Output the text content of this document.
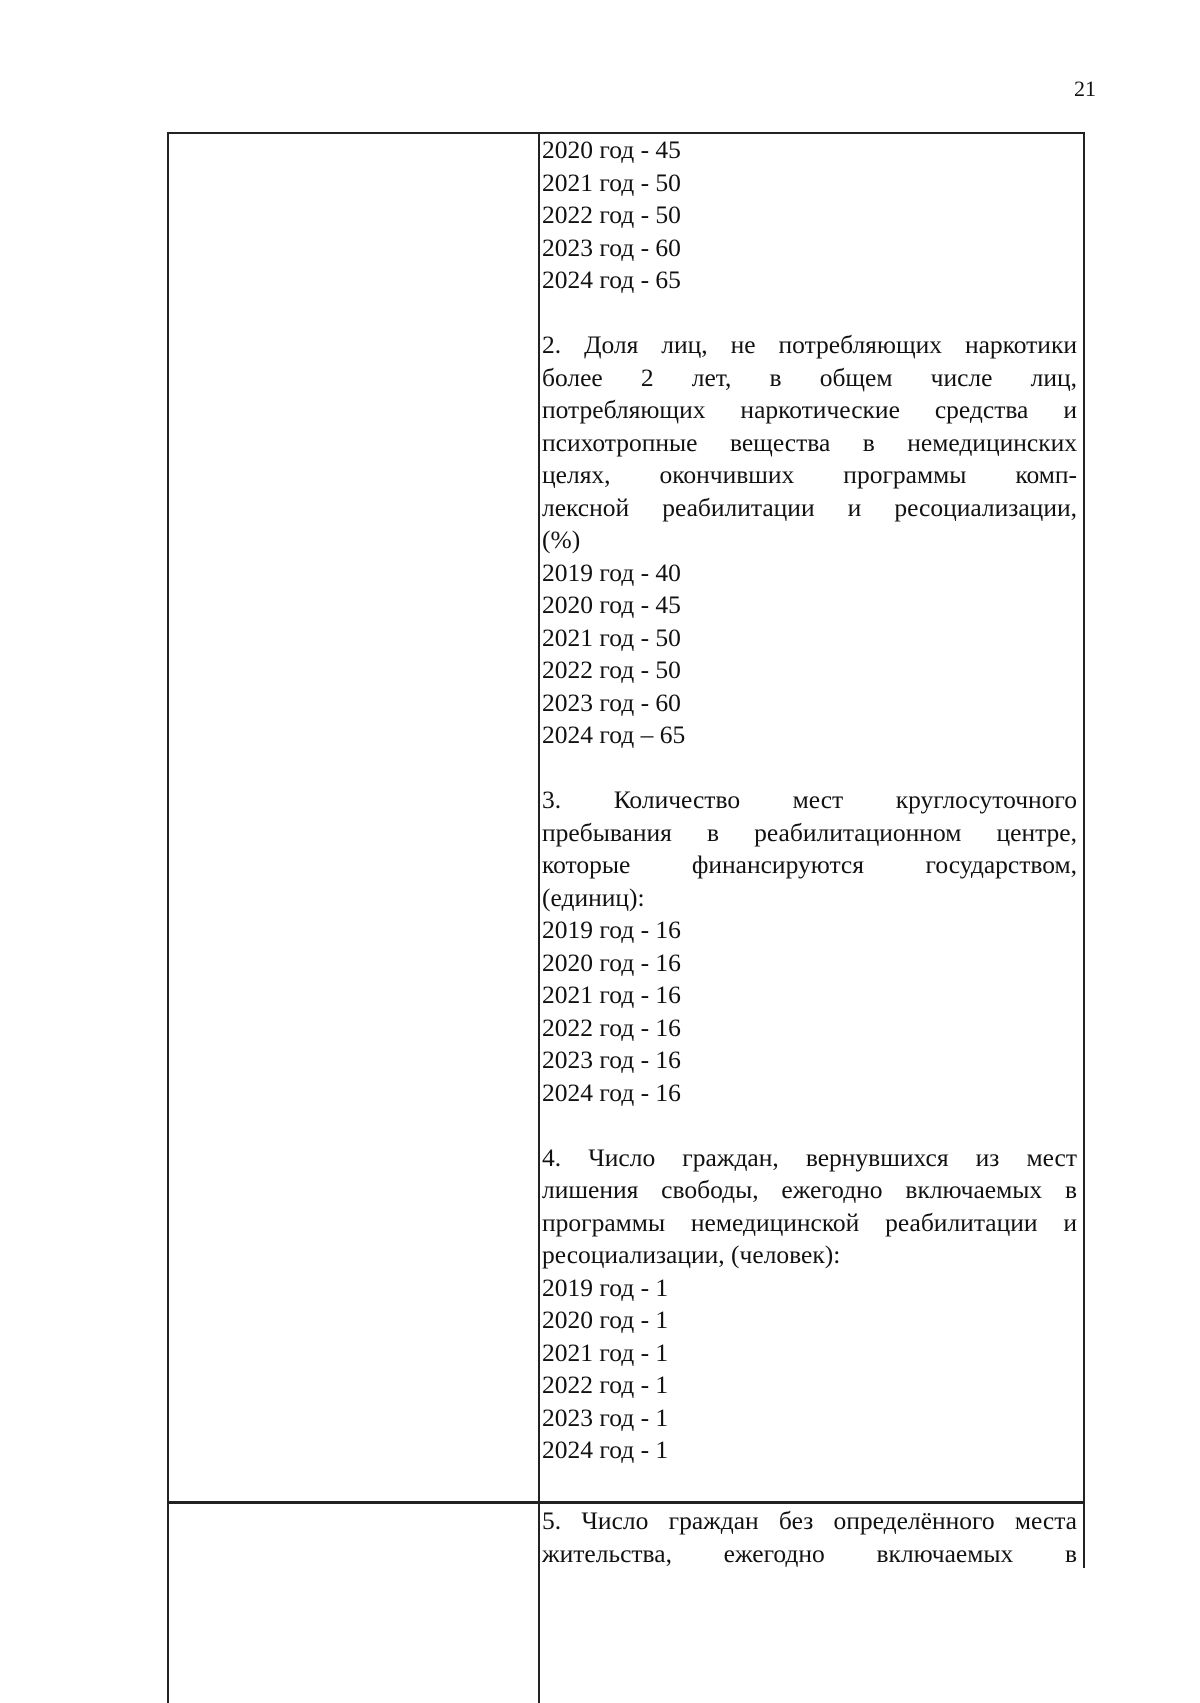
21
2020 год - 45
2021 год - 50
2022 год - 50
2023 год - 60
2024 год - 65
2. Доля лиц, не потребляющих наркотики
более 2 лет, в общем числе лиц,
потребляющих наркотические средства и
психотропные вещества в немедицинских
целях, окончивших программы комп-
лексной реабилитации и ресоциализации,
(%)
2019 год - 40
2020 год - 45
2021 год - 50
2022 год - 50
2023 год - 60
2024 год – 65
3. Количество мест круглосуточного
пребывания в реабилитационном центре,
которые финансируются государством,
(единиц):
2019 год - 16
2020 год - 16
2021 год - 16
2022 год - 16
2023 год - 16
2024 год - 16
4. Число граждан, вернувшихся из мест
лишения свободы, ежегодно включаемых в
программы немедицинской реабилитации и
ресоциализации, (человек):
2019 год - 1
2020 год - 1
2021 год - 1
2022 год - 1
2023 год - 1
2024 год - 1
5. Число граждан без определённого места
жительства, ежегодно включаемых в
